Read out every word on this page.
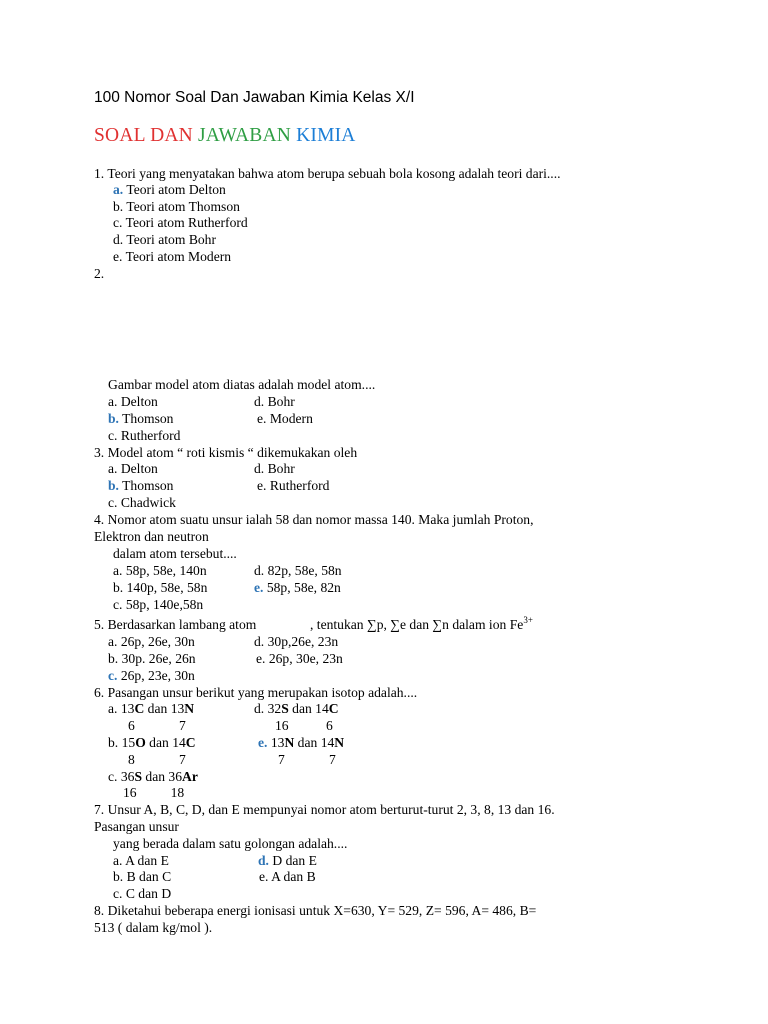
100 Nomor Soal Dan Jawaban Kimia Kelas X/I
SOAL DAN JAWABAN KIMIA
1. Teori yang menyatakan bahwa atom berupa sebuah bola kosong adalah teori dari....
a. Teori atom Delton
b. Teori atom Thomson
c. Teori atom Rutherford
d. Teori atom Bohr
e. Teori atom Modern
2.
Gambar model atom diatas adalah model atom....
a. Delton	d. Bohr
b. Thomson	e. Modern
c. Rutherford
3. Model atom “ roti kismis “ dikemukakan oleh
a. Delton	d. Bohr
b. Thomson	e. Rutherford
c. Chadwick
4. Nomor atom suatu unsur ialah 58 dan nomor massa 140. Maka jumlah Proton,
Elektron dan neutron
dalam atom tersebut....
a. 58p, 58e, 140n	d. 82p, 58e, 58n
b. 140p, 58e, 58n	e. 58p, 58e, 82n
c. 58p, 140e,58n
5. Berdasarkan lambang atom	, tentukan ∑p, ∑e dan ∑n dalam ion $Fe^{3+}$
a. 26p, 26e, 30n	d. 30p,26e, 23n
b. 30p. 26e, 26n	e. 26p, 30e, 23n
c. 26p, 23e, 30n
6. Pasangan unsur berikut yang merupakan isotop adalah....
a. 13C dan 13N	d. 32S dan 14C
6             7	16           6
b. 15O dan 14C	e. 13N dan 14N
8             7	7             7
c. 36S dan 36Ar
16          18
7. Unsur A, B, C, D, dan E mempunyai nomor atom berturut-turut 2, 3, 8, 13 dan 16.
Pasangan unsur
yang berada dalam satu golongan adalah....
a. A dan E	d. D dan E
b. B dan C	e. A dan B
c. C dan D
8. Diketahui beberapa energi ionisasi untuk X=630, Y= 529, Z= 596, A= 486, B=
513 ( dalam kg/mol ).
